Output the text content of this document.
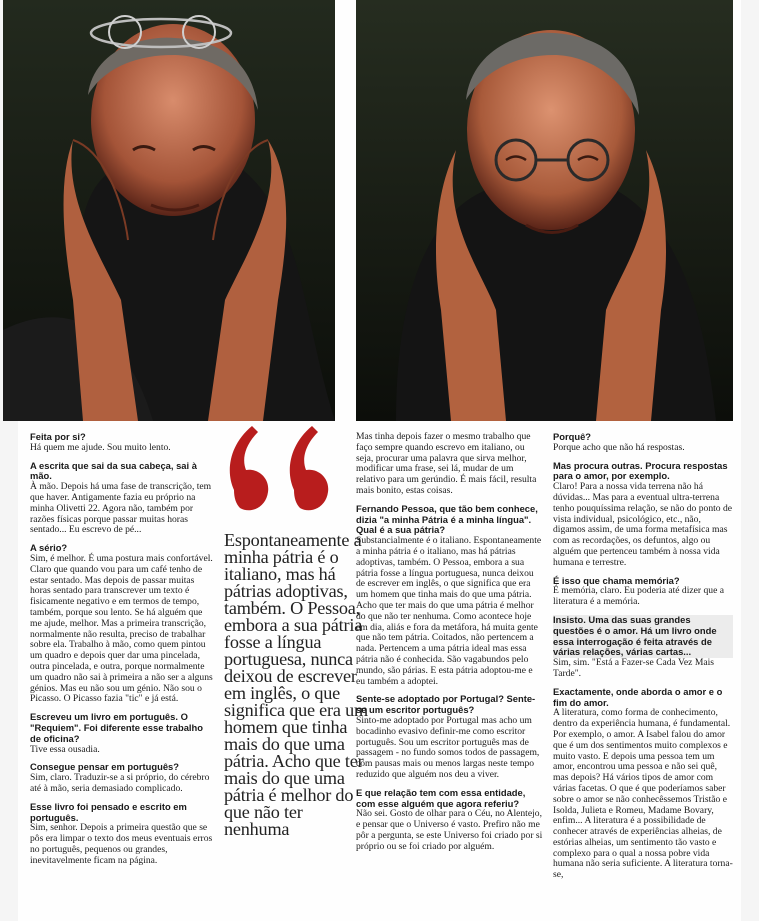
Feita por si?

Há quem me ajude. Sou muito lento.

A escrita que sai da sua cabeça, sai à mão.

À mão. Depois há uma fase de transcrição, tem que haver. Antigamente fazia eu próprio na minha Olivetti 22. Agora não, também por razões físicas porque passar muitas horas sentado... Eu escrevo de pé...

A sério?

Sim, é melhor. É uma postura mais confortável. Claro que quando vou para um café tenho de estar sentado. Mas depois de passar muitas horas sentado para transcrever um texto é fisicamente negativo e em termos de tempo, também, porque sou lento. Se há alguém que me ajude, melhor. Mas a primeira transcrição, normalmente não resulta, preciso de trabalhar sobre ela. Trabalho à mão, como quem pintou um quadro e depois quer dar uma pincelada, outra pincelada, e outra, porque normalmente um quadro não sai à primeira a não ser a alguns génios. Mas eu não sou um génio. Não sou o Picasso. O Picasso fazia "tic" e já está.

Escreveu um livro em português. O "Requiem". Foi diferente esse trabalho de oficina?

Tive essa ousadia.

Consegue pensar em português?

Sim, claro. Traduzir-se a si próprio, do cérebro até à mão, seria demasiado complicado.

Esse livro foi pensado e escrito em português.

Sim, senhor. Depois a primeira questão que se pôs era limpar o texto dos meus eventuais erros no português, pequenos ou grandes, inevitavelmente ficam na página.

Espontaneamente a minha pátria é o italiano, mas há pátrias adoptivas, também. O Pessoa, embora a sua pátria fosse a língua portuguesa, nunca deixou de escrever em inglês, o que significa que era um homem que tinha mais do que uma pátria. Acho que ter mais do que uma pátria é melhor do que não ter nenhuma

Mas tinha depois fazer o mesmo trabalho que faço sempre quando escrevo em italiano, ou seja, procurar uma palavra que sirva melhor, modificar uma frase, sei lá, mudar de um relativo para um gerúndio. É mais fácil, resulta mais bonito, estas coisas.

Fernando Pessoa, que tão bem conhece, dizia "a minha Pátria é a minha língua". Qual é a sua pátria?

Substancialmente é o italiano. Espontaneamente a minha pátria é o italiano, mas há pátrias adoptivas, também. O Pessoa, embora a sua pátria fosse a língua portuguesa, nunca deixou de escrever em inglês, o que significa que era um homem que tinha mais do que uma pátria. Acho que ter mais do que uma pátria é melhor do que não ter nenhuma. Como acontece hoje em dia, aliás e fora da metáfora, há muita gente que não tem pátria. Coitados, não pertencem a nada. Pertencem a uma pátria ideal mas essa pátria não é conhecida. São vagabundos pelo mundo, são párias. E esta pátria adoptou-me e eu também a adoptei.

Sente-se adoptado por Portugal? Sente-se um escritor português?

Sinto-me adoptado por Portugal mas acho um bocadinho evasivo definir-me como escritor português. Sou um escritor português mas de passagem - no fundo somos todos de passagem, com pausas mais ou menos largas neste tempo reduzido que alguém nos deu a viver.

E que relação tem com essa entidade, com esse alguém que agora referiu?

Não sei. Gosto de olhar para o Céu, no Alentejo, e pensar que o Universo é vasto. Prefiro não me pôr a pergunta, se este Universo foi criado por si próprio ou se foi criado por alguém.

Porquê?

Porque acho que não há respostas.

Mas procura outras. Procura respostas para o amor, por exemplo.

Claro! Para a nossa vida terrena não há dúvidas... Mas para a eventual ultra-terrena tenho pouquíssima relação, se não do ponto de vista individual, psicológico, etc., não, digamos assim, de uma forma metafísica mas com as recordações, os defuntos, algo ou alguém que pertenceu também à nossa vida humana e terrestre.

É isso que chama memória?

É memória, claro. Eu poderia até dizer que a literatura é a memória.

Insisto. Uma das suas grandes questões é o amor. Há um livro onde essa interrogação é feita através de várias relações, várias cartas...

Sim, sim. "Está a Fazer-se Cada Vez Mais Tarde".

Exactamente, onde aborda o amor e o fim do amor.

A literatura, como forma de conhecimento, dentro da experiência humana, é fundamental. Por exemplo, o amor. A Isabel falou do amor que é um dos sentimentos muito complexos e muito vasto. E depois uma pessoa tem um amor, encontrou uma pessoa e não sei quê, mas depois? Há vários tipos de amor com várias facetas. O que é que poderíamos saber sobre o amor se não conhecêssemos Tristão e Isolda, Julieta e Romeu, Madame Bovary, enfim... A literatura é a possibilidade de conhecer através de experiências alheias, de estórias alheias, um sentimento tão vasto e complexo para o qual a nossa pobre vida humana não seria suficiente. A literatura torna-se,
